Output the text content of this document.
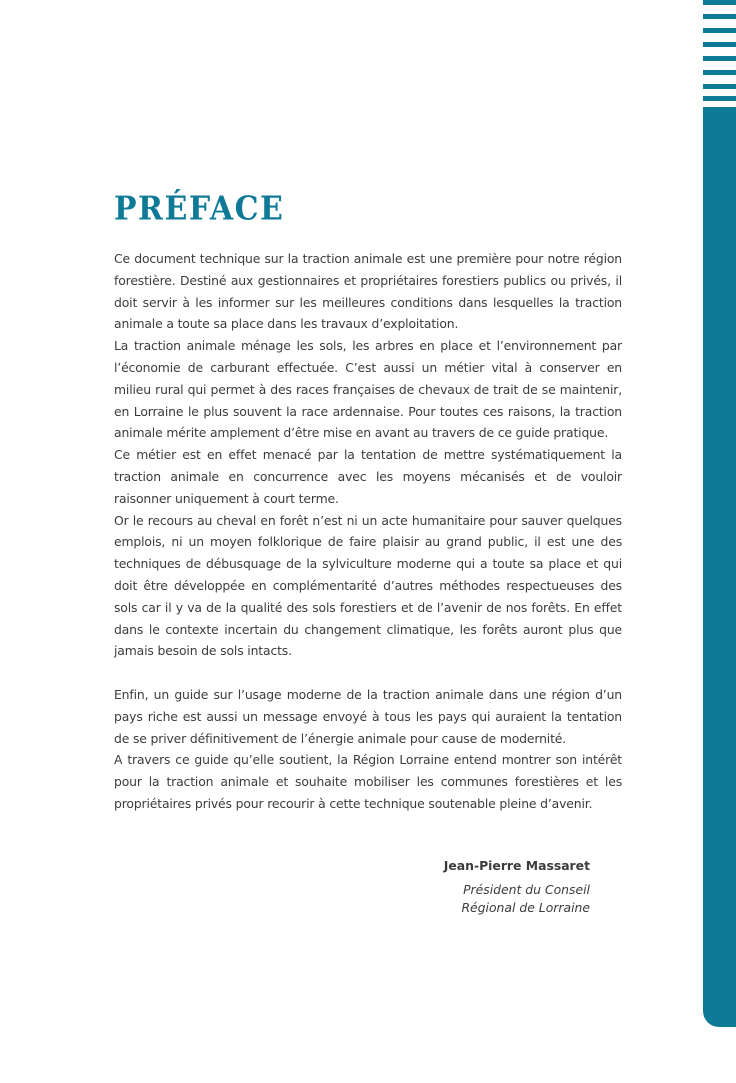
PRÉFACE

Ce document technique sur la traction animale est une première pour notre région forestière. Destiné aux gestionnaires et propriétaires forestiers publics ou privés, il doit servir à les informer sur les meilleures conditions dans lesquelles la traction animale a toute sa place dans les travaux d’exploitation.

La traction animale ménage les sols, les arbres en place et l’environnement par l’économie de carburant effectuée. C’est aussi un métier vital à conserver en milieu rural qui permet à des races françaises de chevaux de trait de se maintenir, en Lorraine le plus souvent la race ardennaise. Pour toutes ces raisons, la traction animale mérite amplement d’être mise en avant au travers de ce guide pratique.

Ce métier est en effet menacé par la tentation de mettre systématiquement la traction animale en concurrence avec les moyens mécanisés et de vouloir raisonner uniquement à court terme.

Or le recours au cheval en forêt n’est ni un acte humanitaire pour sauver quelques emplois, ni un moyen folklorique de faire plaisir au grand public, il est une des techniques de débusquage de la sylviculture moderne qui a toute sa place et qui doit être développée en complémentarité d’autres méthodes respectueuses des sols car il y va de la qualité des sols forestiers et de l’avenir de nos forêts. En effet dans le contexte incertain du changement climatique, les forêts auront plus que jamais besoin de sols intacts.

Enfin, un guide sur l’usage moderne de la traction animale dans une région d’un pays riche est aussi un message envoyé à tous les pays qui auraient la tentation de se priver définitivement de l’énergie animale pour cause de modernité.

A travers ce guide qu’elle soutient, la Région Lorraine entend montrer son intérêt pour la traction animale et souhaite mobiliser les communes forestières et les propriétaires privés pour recourir à cette technique soutenable pleine d’avenir.

Jean-Pierre Massaret
Président du Conseil
Régional de Lorraine
